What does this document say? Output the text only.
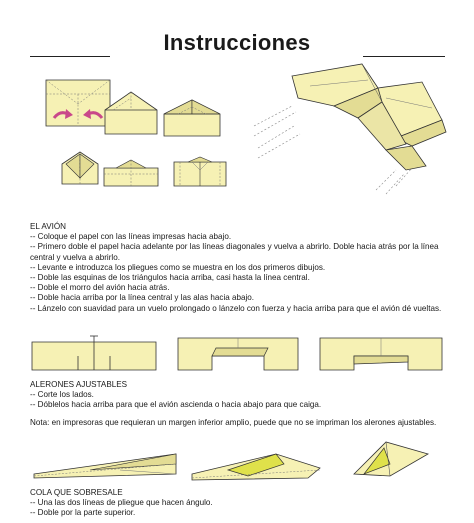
Instrucciones
EL AVIÓN
-- Coloque el papel con las líneas impresas hacia abajo.
-- Primero doble el papel hacia adelante por las líneas diagonales y vuelva a abrirlo. Doble hacia atrás por la línea
central y vuelva a abrirlo.
-- Levante e introduzca los pliegues como se muestra en los dos primeros dibujos.
-- Doble las esquinas de los triángulos hacia arriba, casi hasta la línea central.
-- Doble el morro del avión hacia atrás.
-- Doble hacia arriba por la línea central y las alas hacia abajo.
-- Lánzelo con suavidad para un vuelo prolongado o lánzelo con fuerza y hacia arriba para que el avión dé vueltas.
ALERONES AJUSTABLES
-- Corte los lados.
-- Dóblelos hacia arriba para que el avión ascienda o hacia abajo para que caiga.
Nota: en impresoras que requieran un margen inferior amplio, puede que no se impriman los alerones ajustables.
COLA QUE SOBRESALE
-- Una las dos líneas de pliegue que hacen ángulo.
-- Doble por la parte superior.
